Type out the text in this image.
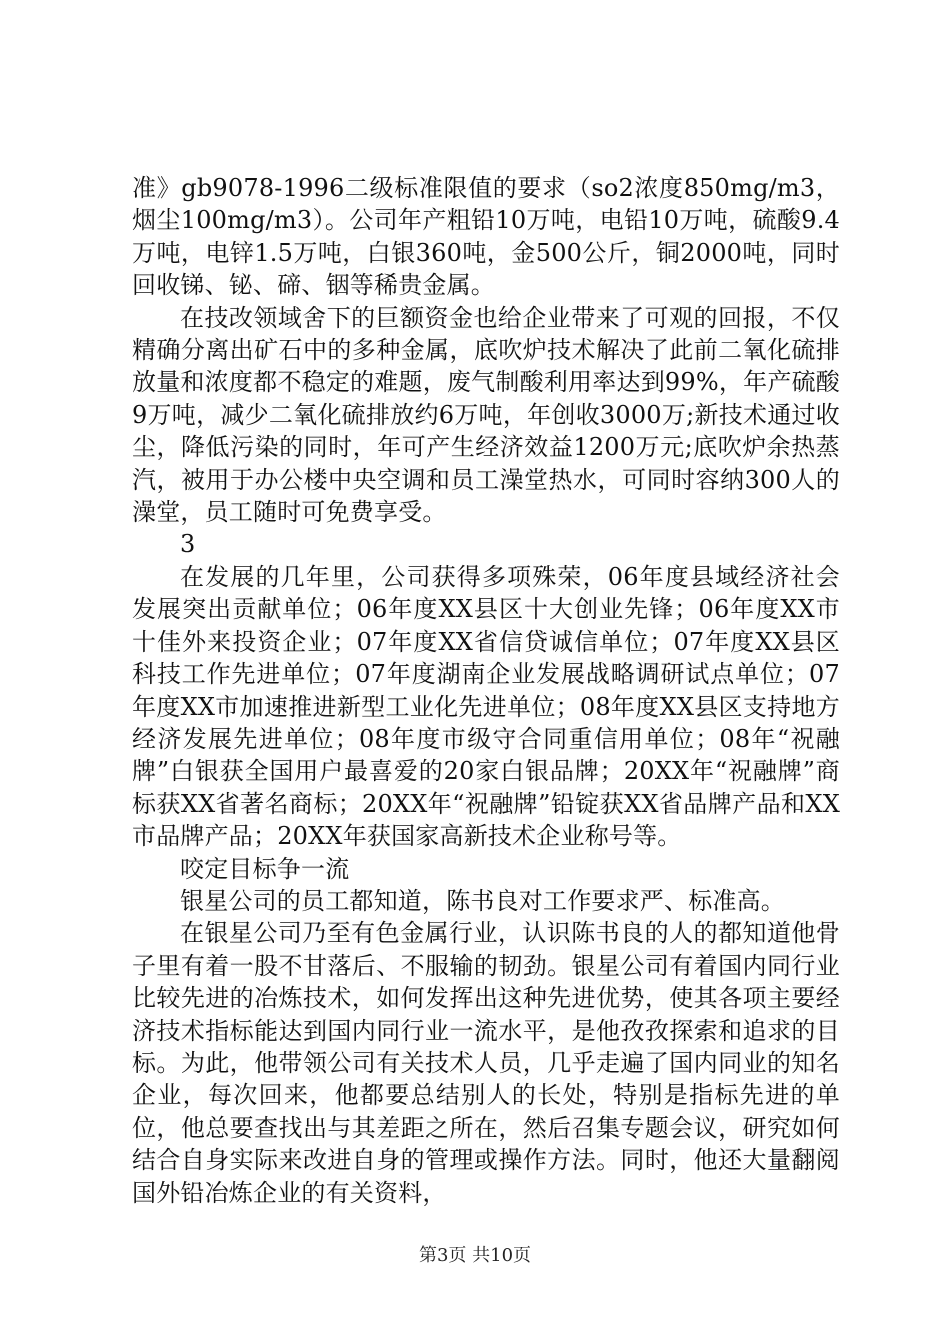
准》gb9078-1996二级标准限值的要求（so2浓度850mg/m3，烟尘100mg/m3）。公司年产粗铅10万吨，电铅10万吨，硫酸9.4万吨，电锌1.5万吨，白银360吨，金500公斤，铜2000吨，同时回收锑、铋、碲、铟等稀贵金属。

在技改领域舍下的巨额资金也给企业带来了可观的回报，不仅精确分离出矿石中的多种金属，底吹炉技术解决了此前二氧化硫排放量和浓度都不稳定的难题，废气制酸利用率达到99%，年产硫酸9万吨，减少二氧化硫排放约6万吨，年创收3000万;新技术通过收尘，降低污染的同时，年可产生经济效益1200万元;底吹炉余热蒸汽，被用于办公楼中央空调和员工澡堂热水，可同时容纳300人的澡堂，员工随时可免费享受。

3

在发展的几年里，公司获得多项殊荣，06年度县域经济社会发展突出贡献单位；06年度XX县区十大创业先锋；06年度XX市十佳外来投资企业；07年度XX省信贷诚信单位；07年度XX县区科技工作先进单位；07年度湖南企业发展战略调研试点单位；07年度XX市加速推进新型工业化先进单位；08年度XX县区支持地方经济发展先进单位；08年度市级守合同重信用单位；08年“祝融牌”白银获全国用户最喜爱的20家白银品牌；20XX年“祝融牌”商标获XX省著名商标；20XX年“祝融牌”铅锭获XX省品牌产品和XX市品牌产品；20XX年获国家高新技术企业称号等。

咬定目标争一流

银星公司的员工都知道，陈书良对工作要求严、标准高。

在银星公司乃至有色金属行业，认识陈书良的人的都知道他骨子里有着一股不甘落后、不服输的韧劲。银星公司有着国内同行业比较先进的冶炼技术，如何发挥出这种先进优势，使其各项主要经济技术指标能达到国内同行业一流水平，是他孜孜探索和追求的目标。为此，他带领公司有关技术人员，几乎走遍了国内同业的知名企业，每次回来，他都要总结别人的长处，特别是指标先进的单位，他总要查找出与其差距之所在，然后召集专题会议，研究如何结合自身实际来改进自身的管理或操作方法。同时，他还大量翻阅国外铅冶炼企业的有关资料，

第3页 共10页
